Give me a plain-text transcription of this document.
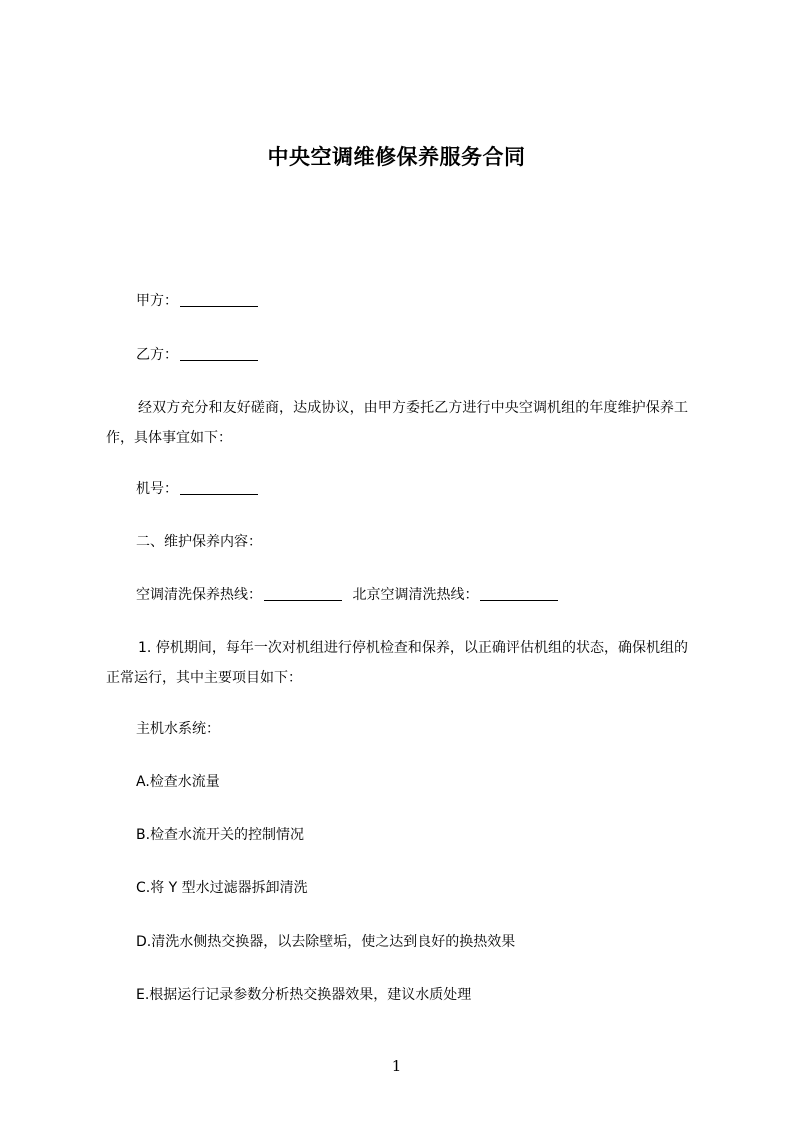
中央空调维修保养服务合同
甲方：
乙方：
经双方充分和友好磋商，达成协议，由甲方委托乙方进行中央空调机组的年度维护保养工作，具体事宜如下：
机号：
二、维护保养内容：
空调清洗保养热线：	北京空调清洗热线：
1. 停机期间，每年一次对机组进行停机检查和保养，以正确评估机组的状态，确保机组的正常运行，其中主要项目如下：
主机水系统：
A.检查水流量
B.检查水流开关的控制情况
C.将 Y 型水过滤器拆卸清洗
D.清洗水侧热交换器，以去除壁垢，使之达到良好的换热效果
E.根据运行记录参数分析热交换器效果，建议水质处理
1
